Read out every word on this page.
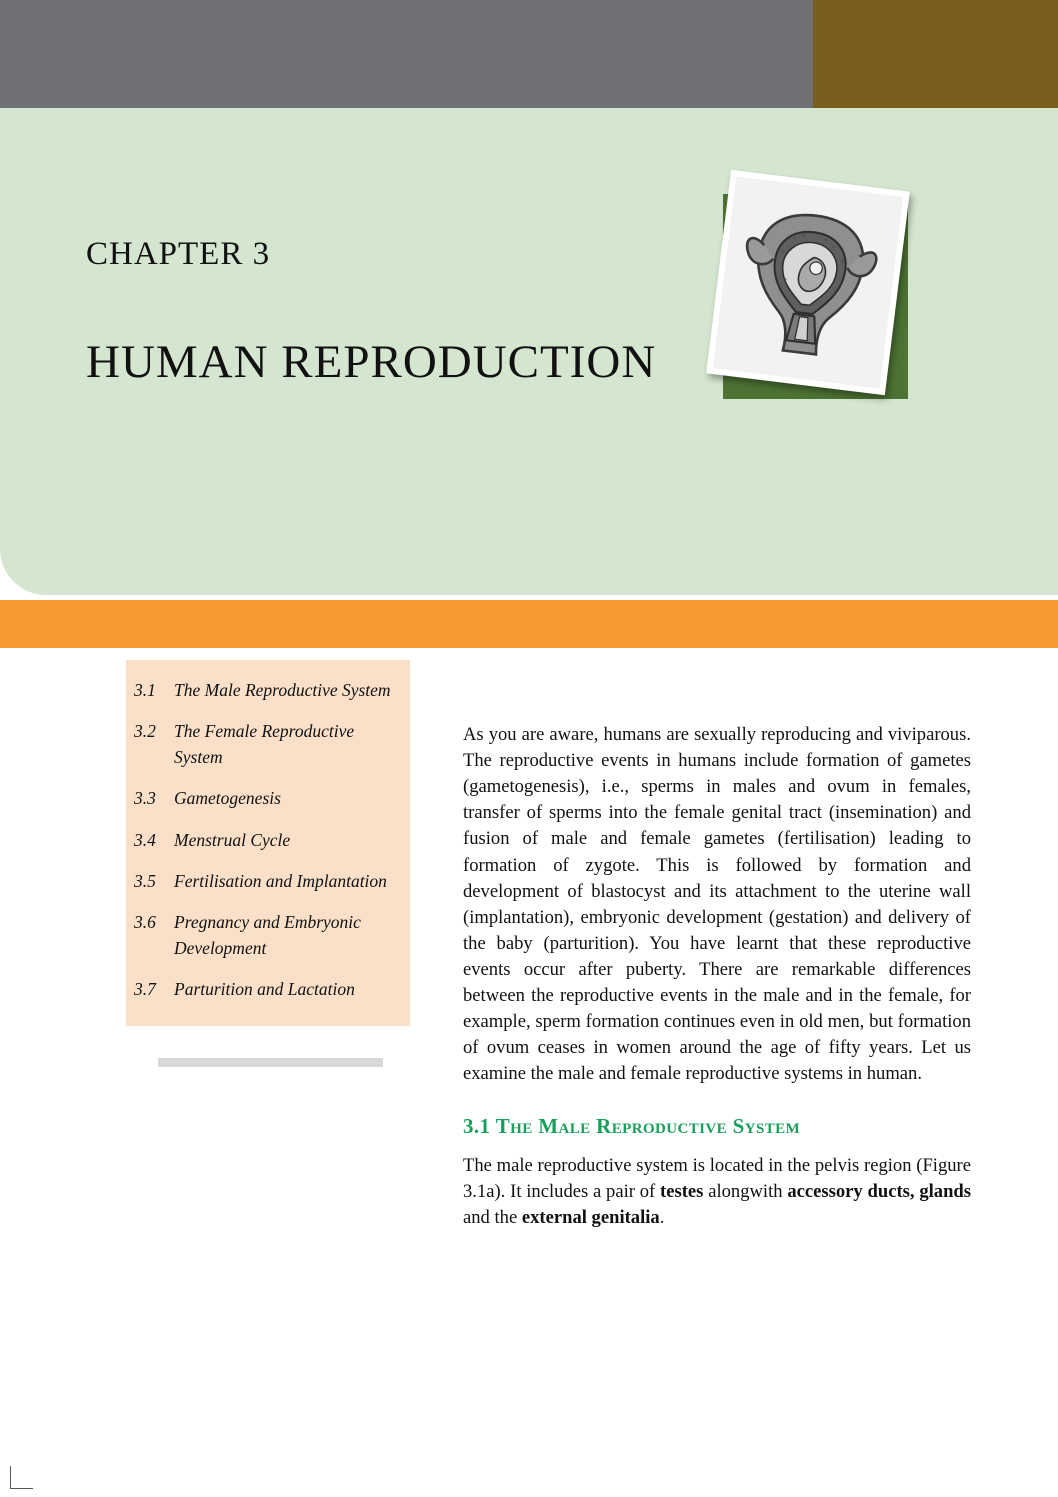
CHAPTER 3
HUMAN REPRODUCTION
3.1	The Male Reproductive System
3.2	The Female Reproductive System
3.3	Gametogenesis
3.4	Menstrual Cycle
3.5	Fertilisation and Implantation
3.6	Pregnancy and Embryonic Development
3.7	Parturition and Lactation

As you are aware, humans are sexually reproducing and viviparous. The reproductive events in humans include formation of gametes (gametogenesis), i.e., sperms in males and ovum in females, transfer of sperms into the female genital tract (insemination) and fusion of male and female gametes (fertilisation) leading to formation of zygote. This is followed by formation and development of blastocyst and its attachment to the uterine wall (implantation), embryonic development (gestation) and delivery of the baby (parturition). You have learnt that these reproductive events occur after puberty. There are remarkable differences between the reproductive events in the male and in the female, for example, sperm formation continues even in old men, but formation of ovum ceases in women around the age of fifty years. Let us examine the male and female reproductive systems in human.

3.1 The Male Reproductive System

The male reproductive system is located in the pelvis region (Figure 3.1a). It includes a pair of testes alongwith accessory ducts, glands and the external genitalia.
